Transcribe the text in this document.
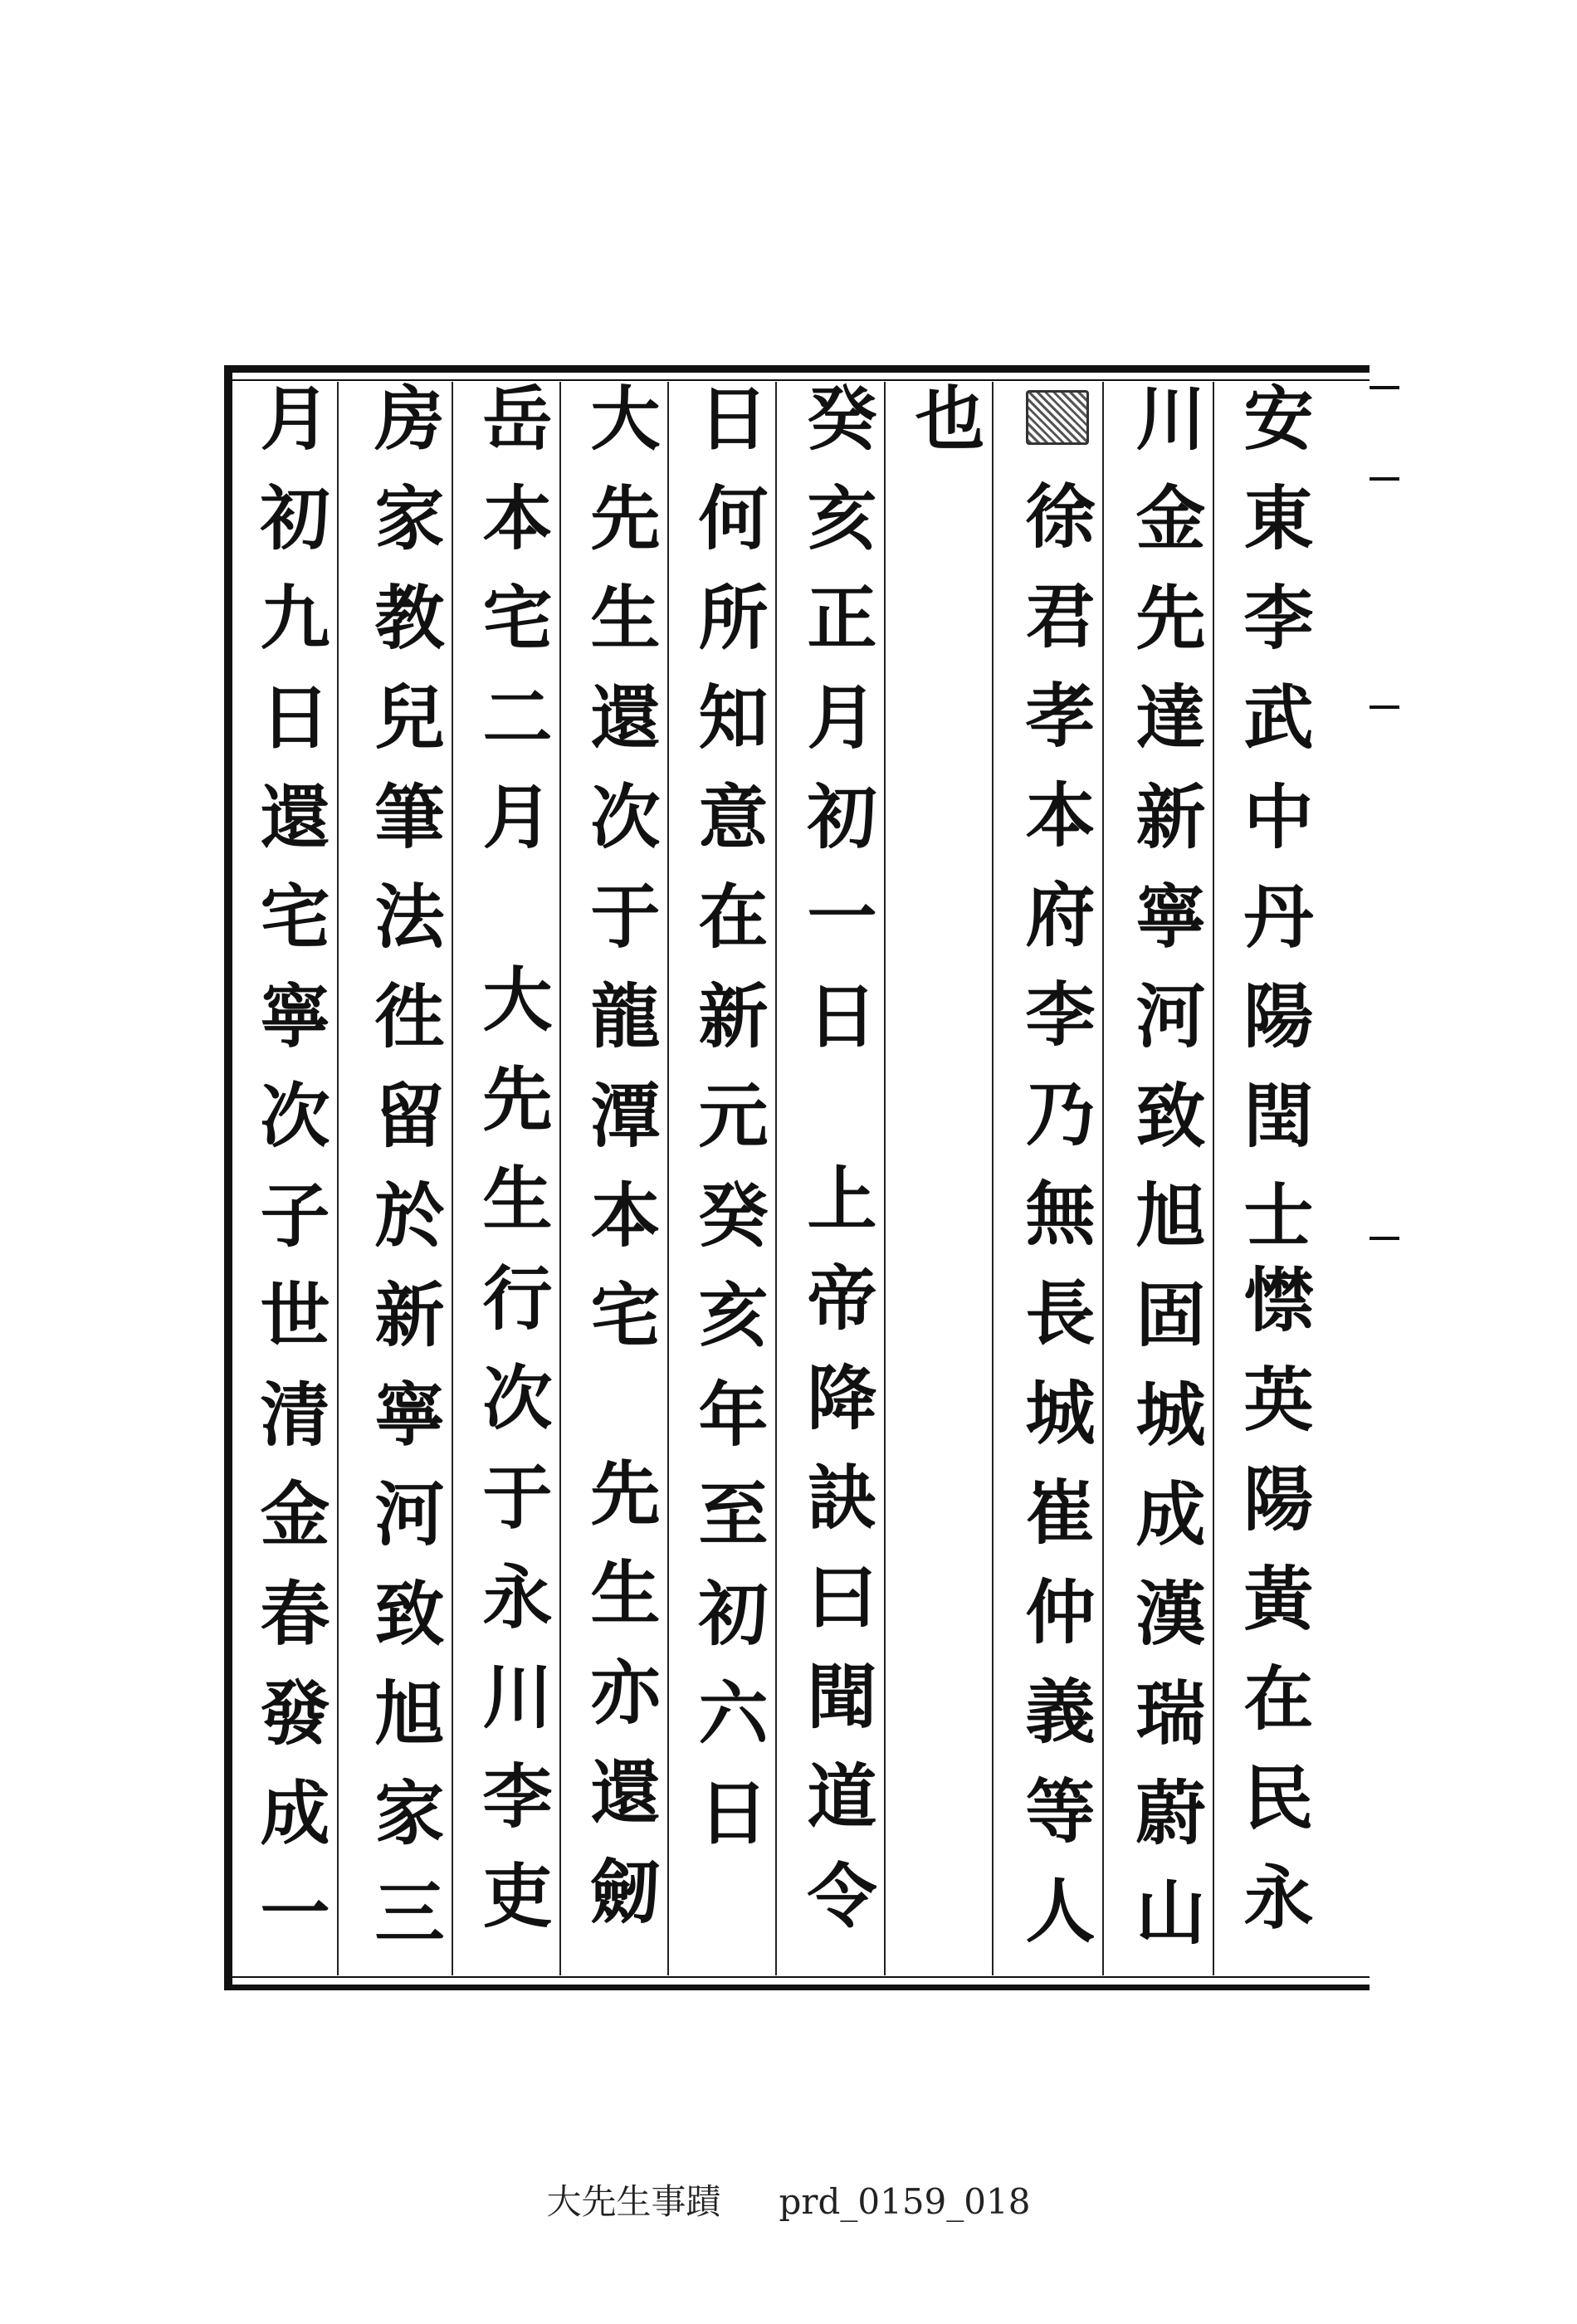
安東李武中丹陽閏士
㦗英陽黃在民永
川金先達新寧河致旭固城成漢瑞蔚山
徐君孝本府李乃無長城崔仲義等人
也
癸亥正月初一日
上帝降訣曰聞道令
日何所知意在新元癸亥年至初六日
大先生還次于龍潭本宅
先生亦還劒
岳本宅二月
大先生行次于永川李吏
房家教兒筆法徃留於新寧河致旭家三
月初九日還宅寧次子世清金春發成一
大先生事蹟 prd_0159_018
